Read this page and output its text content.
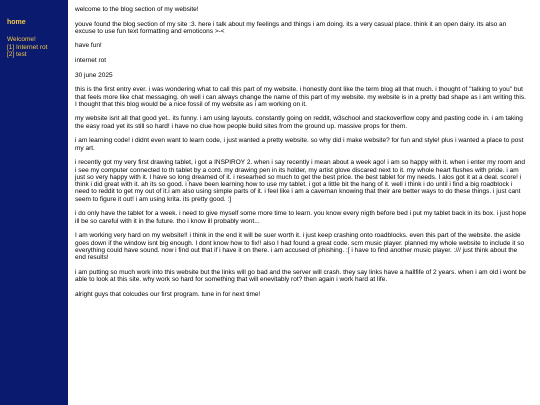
home
Welcome!
[1] Internet rot
[2] test

welcome to the blog section of my website!

youve found the blog section of my site :3. here i talk about my feelings and things i am doing. its a very casual place. think it an open dairy. its also an excuse to use fun text formatting and emoticons >-<

have fun!

internet rot

30 june 2025

this is the first entry ever. i was wondering what to call this part of my website. i honestly dont like the term blog all that much. i thought of "talking to you" but that feels more like chat messaging. oh well i can always change the name of this part of my website. my website is in a pretty bad shape as i am writing this. I thought that this blog would be a nice fossil of my website as i am working on it.

my website isnt all that good yet.. its funny. i am using layouts. constantly going on reddit, w3school and stackoverflow copy and pasting code in. i am taking the easy road yet its still so hard! i have no clue how people build sites from the ground up. massive props for them.

i am learning code! i didnt even want to learn code, i just wanted a pretty website. so why did i make website? for fun and style! plus i wanted a place to post my art.

i recently got my very first drawing tablet, i got a INSPIROY 2. when i say recently i mean about a week ago! i am so happy with it. when i enter my room and i see my computer connected to th tablet by a cord. my drawing pen in its holder, my artist glove discared next to it. my whole heart flushes with pride. i am just so very happy with it. I have so long dreamed of it. i researhed so much to get the best price. the best tablet for my needs. I alos got it at a deal. score! i think i did great with it. ah its so good. i have been learning how to use my tablet. i got a little bit the hang of it. well i think i do until i find a big roadblock i need to reddit to get my out of it.i am also using simple parts of it. i feel like i am a caveman knowing that their are better ways to do these things. i just cant seem to figure it out! i am using krita. its pretty good. :]

i do only have the tablet for a week. i need to give myself some more time to learn. you know every nigth before bed i put my tablet back in its box. i just hope ill be so careful with it in the future. tho i know ill probably wont...

I am working very hard on my website!! i think in the end it will be suer worth it. i just keep crashing onto roadblocks. even this part of the website. the aside goes down if the window isnt big enough. I dont know how to fix!! also I had found a great code. scm music player. planned my whole website to include it so everything could have sound. now i find out that if i have it on there. i am accused of phishing. :[ i have to find another music player. :/// just think about the end results!

i am putting so much work into this website but the links will go bad and the server will crash. they say links have a hallfife of 2 years. when i am old i wont be able to look at this site. why work so hard for something that will enevitably rot? then again i work hard at life.

alright guys that colcudes our first program. tune in for next time!
